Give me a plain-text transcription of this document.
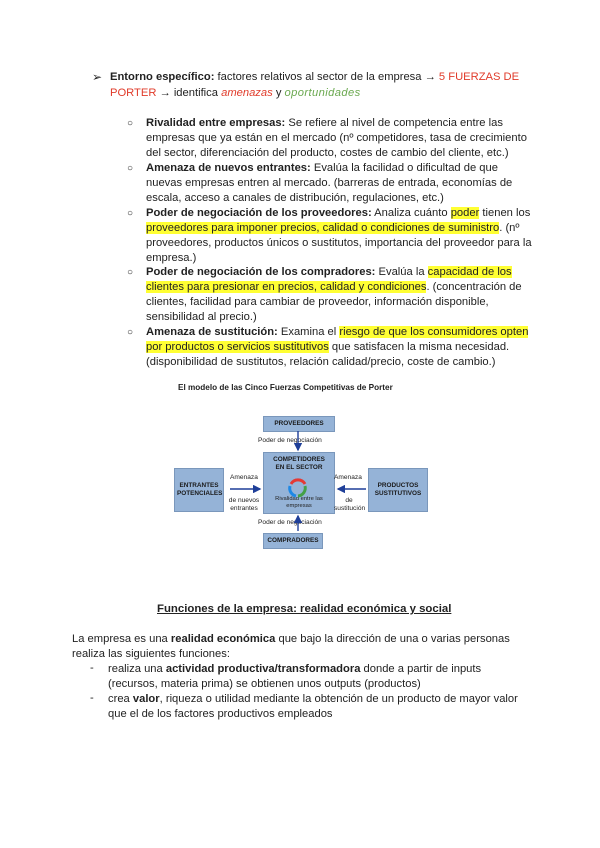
➢ Entorno específico: factores relativos al sector de la empresa → 5 FUERZAS DE
PORTER → identifica amenazas y oportunidades
○ Rivalidad entre empresas: Se refiere al nivel de competencia entre las
empresas que ya están en el mercado (nº competidores, tasa de crecimiento
del sector, diferenciación del producto, costes de cambio del cliente, etc.)
○ Amenaza de nuevos entrantes: Evalúa la facilidad o dificultad de que
nuevas empresas entren al mercado. (barreras de entrada, economías de
escala, acceso a canales de distribución, regulaciones, etc.)
○ Poder de negociación de los proveedores: Analiza cuánto poder tienen los
proveedores para imponer precios, calidad o condiciones de suministro. (nº
proveedores, productos únicos o sustitutos, importancia del proveedor para la
empresa.)
○ Poder de negociación de los compradores: Evalúa la capacidad de los
clientes para presionar en precios, calidad y condiciones. (concentración de
clientes, facilidad para cambiar de proveedor, información disponible,
sensibilidad al precio.)
○ Amenaza de sustitución: Examina el riesgo de que los consumidores opten
por productos o servicios sustitutivos que satisfacen la misma necesidad.
(disponibilidad de sustitutos, relación calidad/precio, coste de cambio.)
El modelo de las Cinco Fuerzas Competitivas de Porter
PROVEEDORES
Poder de negociación
COMPETIDORES EN EL SECTOR
Rivalidad entre las empresas
ENTRANTES POTENCIALES
Amenaza
de nuevos entrantes
PRODUCTOS SUSTITUTIVOS
Amenaza
de sustitución
Poder de negociación
COMPRADORES
Funciones de la empresa: realidad económica y social
La empresa es una realidad económica que bajo la dirección de una o varias personas
realiza las siguientes funciones:
- realiza una actividad productiva/transformadora donde a partir de inputs
(recursos, materia prima) se obtienen unos outputs (productos)
- crea valor, riqueza o utilidad mediante la obtención de un producto de mayor valor
que el de los factores productivos empleados
